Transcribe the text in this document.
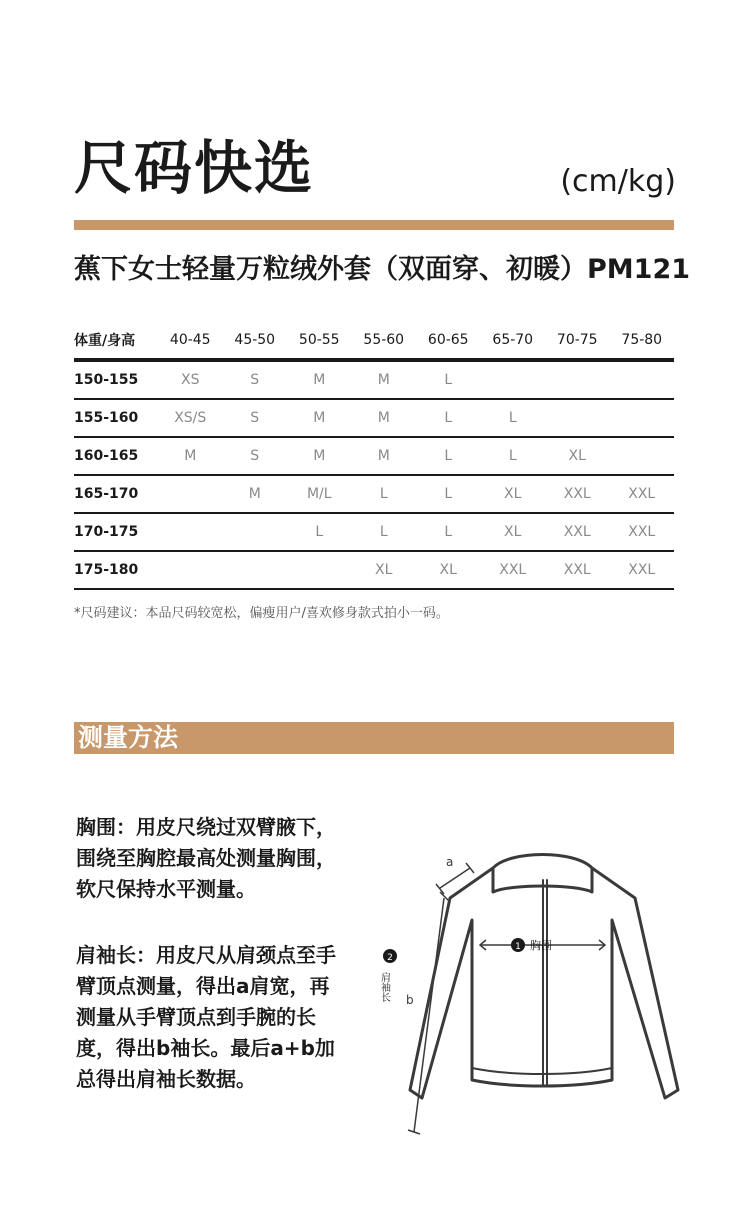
尺码快选	(cm/kg)
蕉下女士轻量万粒绒外套（双面穿、初暖）PM121
体重/身高	40-45	45-50	50-55	55-60	60-65	65-70	70-75	75-80
150-155	XS	S	M	M	L			
155-160	XS/S	S	M	M	L	L		
160-165	M	S	M	M	L	L	XL	
165-170		M	M/L	L	L	XL	XXL	XXL
170-175			L	L	L	XL	XXL	XXL
175-180				XL	XL	XXL	XXL	XXL
*尺码建议：本品尺码较宽松，偏瘦用户/喜欢修身款式拍小一码。
测量方法
胸围：用皮尺绕过双臂腋下，围绕至胸腔最高处测量胸围，软尺保持水平测量。
肩袖长：用皮尺从肩颈点至手臂顶点测量，得出a肩宽，再测量从手臂顶点到手腕的长度，得出b袖长。最后a+b加总得出肩袖长数据。
1 胸围
a
b
2
肩袖长
